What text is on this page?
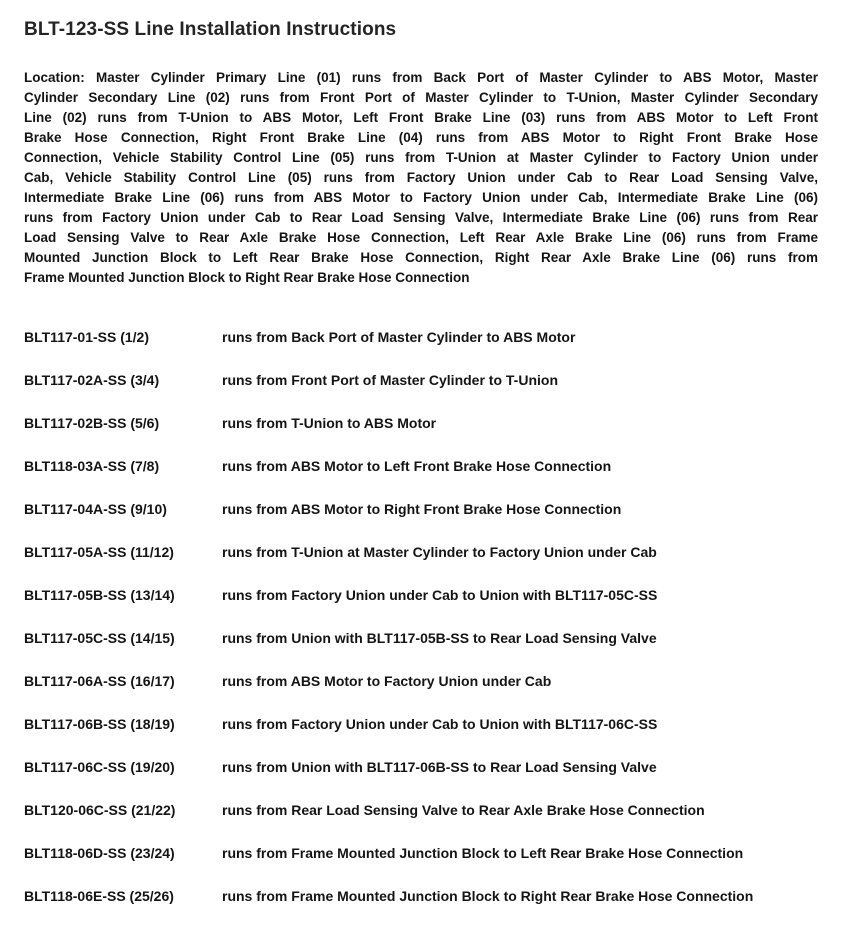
BLT-123-SS Line Installation Instructions
Location: Master Cylinder Primary Line (01) runs from Back Port of Master Cylinder to ABS Motor, Master
Cylinder Secondary Line (02) runs from Front Port of Master Cylinder to T-Union, Master Cylinder Secondary
Line (02) runs from T-Union to ABS Motor, Left Front Brake Line (03) runs from ABS Motor to Left Front
Brake Hose Connection, Right Front Brake Line (04) runs from ABS Motor to Right Front Brake Hose
Connection, Vehicle Stability Control Line (05) runs from T-Union at Master Cylinder to Factory Union under
Cab, Vehicle Stability Control Line (05) runs from Factory Union under Cab to Rear Load Sensing Valve,
Intermediate Brake Line (06) runs from ABS Motor to Factory Union under Cab, Intermediate Brake Line (06)
runs from Factory Union under Cab to Rear Load Sensing Valve, Intermediate Brake Line (06) runs from Rear
Load Sensing Valve to Rear Axle Brake Hose Connection, Left Rear Axle Brake Line (06) runs from Frame
Mounted Junction Block to Left Rear Brake Hose Connection, Right Rear Axle Brake Line (06) runs from
Frame Mounted Junction Block to Right Rear Brake Hose Connection
BLT117-01-SS (1/2)	runs from Back Port of Master Cylinder to ABS Motor
BLT117-02A-SS (3/4)	runs from Front Port of Master Cylinder to T-Union
BLT117-02B-SS (5/6)	runs from T-Union to ABS Motor
BLT118-03A-SS (7/8)	runs from ABS Motor to Left Front Brake Hose Connection
BLT117-04A-SS (9/10)	runs from ABS Motor to Right Front Brake Hose Connection
BLT117-05A-SS (11/12)	runs from T-Union at Master Cylinder to Factory Union under Cab
BLT117-05B-SS (13/14)	runs from Factory Union under Cab to Union with BLT117-05C-SS
BLT117-05C-SS (14/15)	runs from Union with BLT117-05B-SS to Rear Load Sensing Valve
BLT117-06A-SS (16/17)	runs from ABS Motor to Factory Union under Cab
BLT117-06B-SS (18/19)	runs from Factory Union under Cab to Union with BLT117-06C-SS
BLT117-06C-SS (19/20)	runs from Union with BLT117-06B-SS to Rear Load Sensing Valve
BLT120-06C-SS (21/22)	runs from Rear Load Sensing Valve to Rear Axle Brake Hose Connection
BLT118-06D-SS (23/24)	runs from Frame Mounted Junction Block to Left Rear Brake Hose Connection
BLT118-06E-SS (25/26)	runs from Frame Mounted Junction Block to Right Rear Brake Hose Connection
